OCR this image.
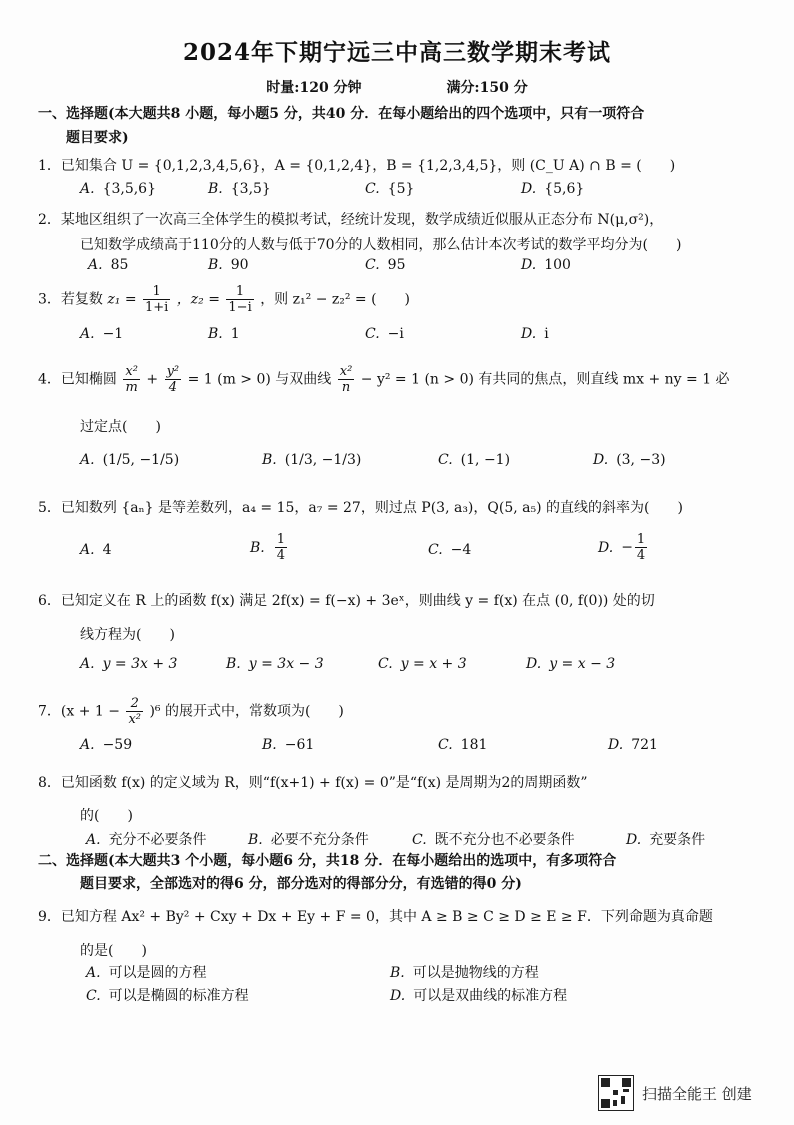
2024年下期宁远三中高三数学期末考试
时量:120 分钟	满分:150 分
一、选择题(本大题共8 小题，每小题5 分，共40 分．在每小题给出的四个选项中，只有一项符合
题目要求)
1．已知集合 U = {0,1,2,3,4,5,6}，A = {0,1,2,4}，B = {1,2,3,4,5}，则 (C_U A) ∩ B = (　　)
A. {3,5,6}	B. {3,5}	C. {5}	D. {5,6}
2．某地区组织了一次高三全体学生的模拟考试，经统计发现，数学成绩近似服从正态分布 N(μ,σ²)，
已知数学成绩高于110分的人数与低于70分的人数相同，那么估计本次考试的数学平均分为(　　)
A. 85	B. 90	C. 95	D. 100
3．若复数 $z_1 = \frac{1}{1+i}$ ，$z_2 = \frac{1}{1-i}$ ，则 z₁² − z₂² = (　　)
A. −1	B. 1	C. −i	D. i
4．已知椭圆 $\frac{\text{x²}}{m} + \frac{\text{y²}}{4} = 1$ (m > 0) 与双曲线 $\frac{\text{x²}}{n} - y^2 = 1$ (n > 0) 有共同的焦点，则直线 mx + ny = 1 必
过定点(　　)
A. (1/5, −1/5)	B. (1/3, −1/3)	C. (1, −1)	D. (3, −3)
5．已知数列 {aₙ} 是等差数列，a₄ = 15，a₇ = 27，则过点 P(3, a₃)，Q(5, a₅) 的直线的斜率为(　　)
A. 4	B. $\frac{1}{4}$	C. −4	D. − $\frac{1}{4}$
6．已知定义在 R 上的函数 f(x) 满足 2f(x) = f(−x) + 3eˣ，则曲线 y = f(x) 在点 (0, f(0)) 处的切
线方程为(　　)
A. y = 3x + 3	B. y = 3x − 3	C. y = x + 3	D. y = x − 3
7．$(x + 1 - \frac{2}{\text{x²}} )^6$ 的展开式中，常数项为(　　)
A. −59	B. −61	C. 181	D. 721
8．已知函数 f(x) 的定义域为 R，则“f(x+1) + f(x) = 0”是“f(x) 是周期为2的周期函数”
的(　　)
A. 充分不必要条件	B. 必要不充分条件	C. 既不充分也不必要条件	D. 充要条件
二、选择题(本大题共3 个小题，每小题6 分，共18 分．在每小题给出的选项中，有多项符合
题目要求，全部选对的得6 分，部分选对的得部分分，有选错的得0 分)
9．已知方程 Ax² + By² + Cxy + Dx + Ey + F = 0，其中 A ≥ B ≥ C ≥ D ≥ E ≥ F．下列命题为真命题
的是(　　)
A. 可以是圆的方程	B. 可以是抛物线的方程
C. 可以是椭圆的标准方程	D. 可以是双曲线的标准方程
扫描全能王 创建
